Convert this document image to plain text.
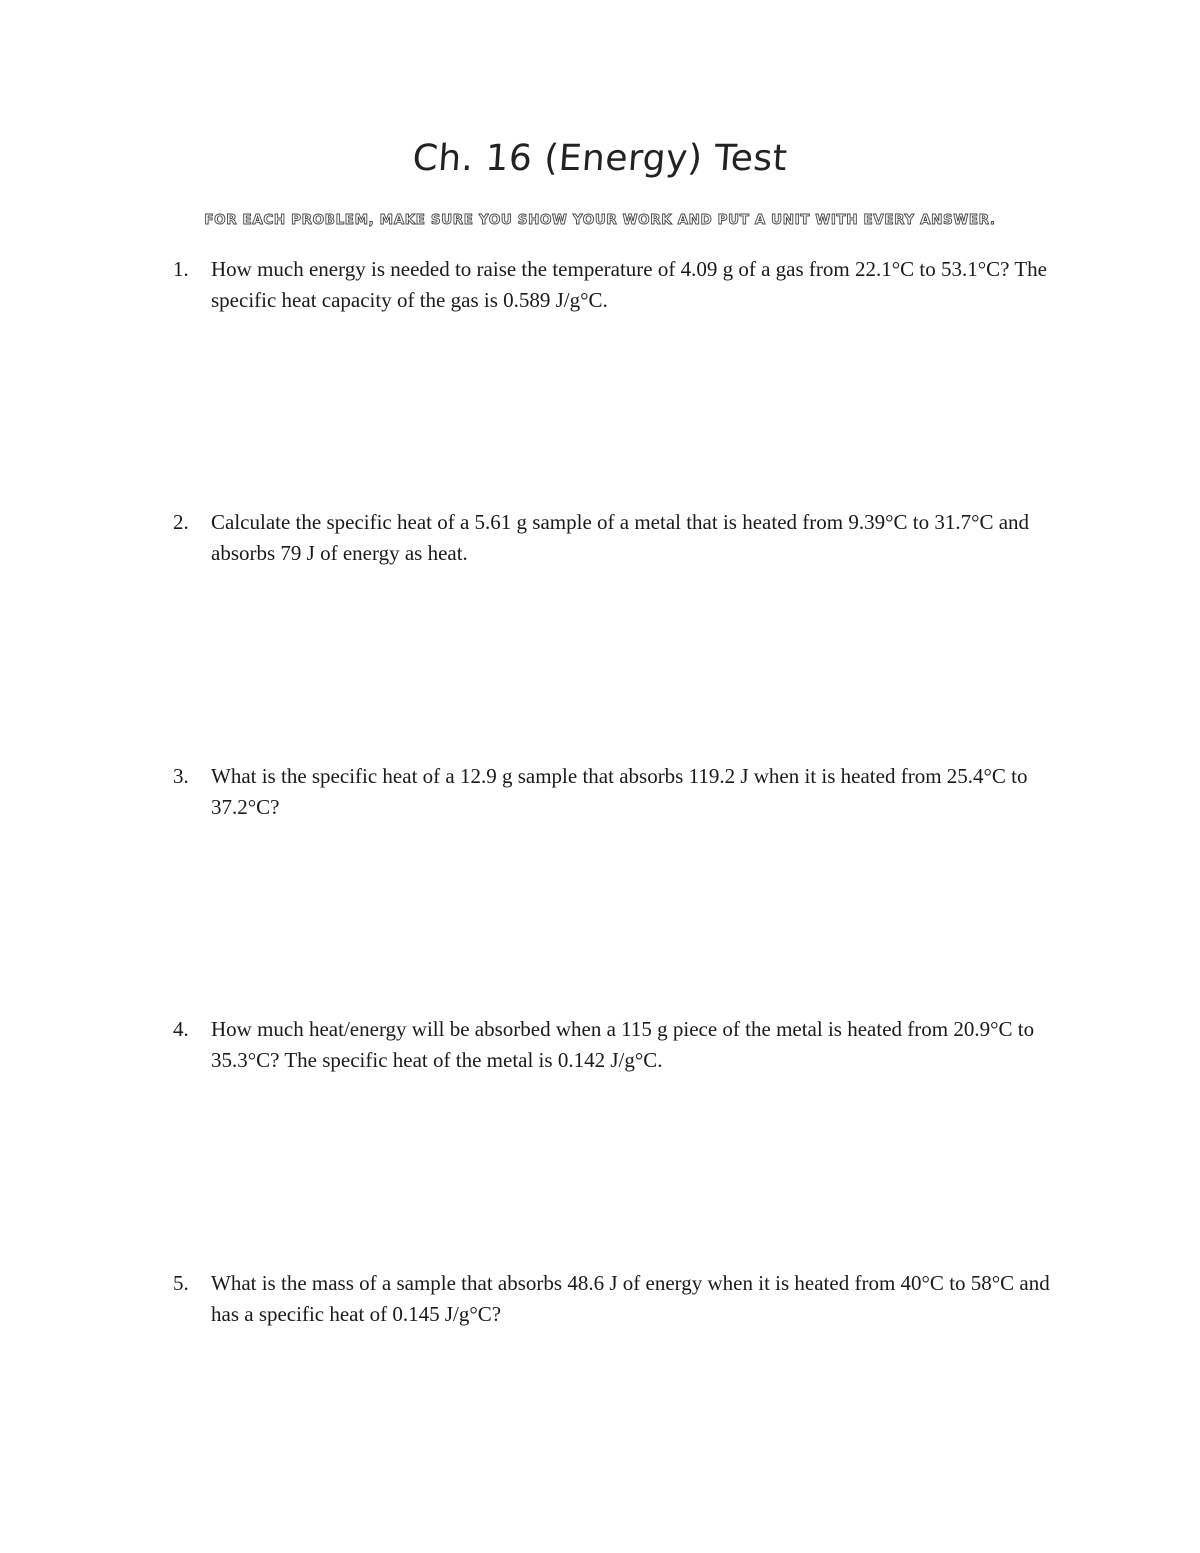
Ch. 16 (Energy) Test
FOR EACH PROBLEM, MAKE SURE YOU SHOW YOUR WORK AND PUT A UNIT WITH EVERY ANSWER.
1. How much energy is needed to raise the temperature of 4.09 g of a gas from 22.1°C to 53.1°C? The specific heat capacity of the gas is 0.589 J/g°C.
2. Calculate the specific heat of a 5.61 g sample of a metal that is heated from 9.39°C to 31.7°C and absorbs 79 J of energy as heat.
3. What is the specific heat of a 12.9 g sample that absorbs 119.2 J when it is heated from 25.4°C to 37.2°C?
4. How much heat/energy will be absorbed when a 115 g piece of the metal is heated from 20.9°C to 35.3°C? The specific heat of the metal is 0.142 J/g°C.
5. What is the mass of a sample that absorbs 48.6 J of energy when it is heated from 40°C to 58°C and has a specific heat of 0.145 J/g°C?
